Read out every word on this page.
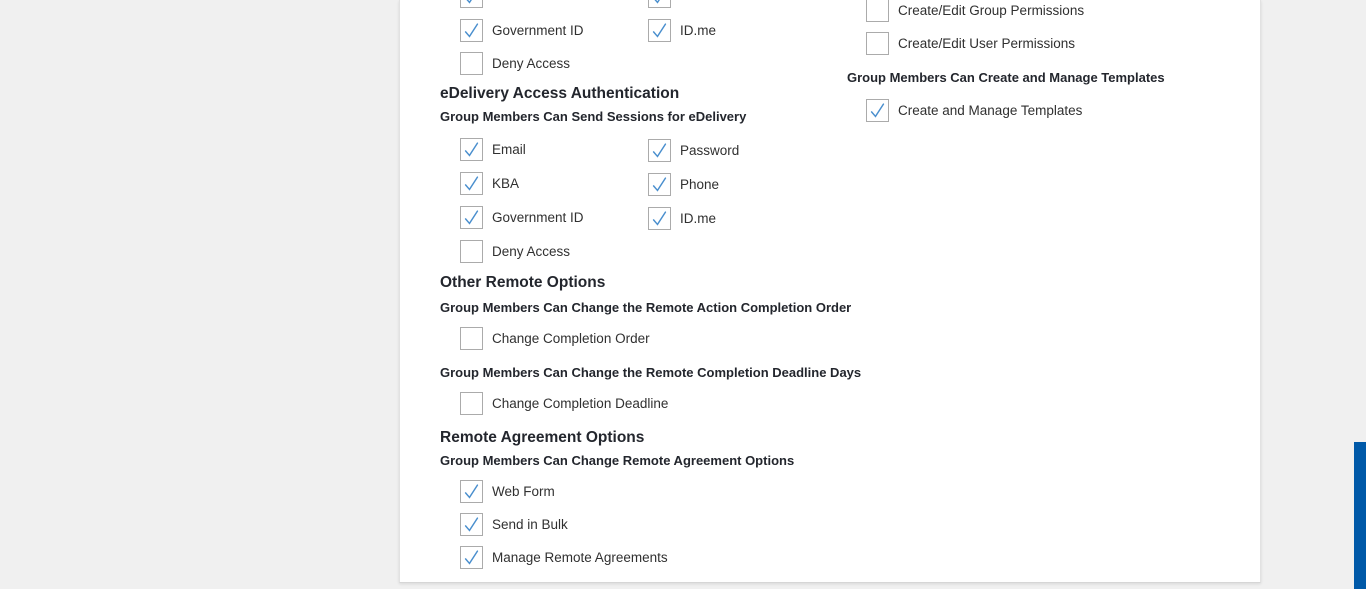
Government ID	ID.me
Deny Access
eDelivery Access Authentication
Group Members Can Send Sessions for eDelivery
Email	Password
KBA	Phone
Government ID	ID.me
Deny Access
Other Remote Options
Group Members Can Change the Remote Action Completion Order
Change Completion Order
Group Members Can Change the Remote Completion Deadline Days
Change Completion Deadline
Remote Agreement Options
Group Members Can Change Remote Agreement Options
Web Form
Send in Bulk
Manage Remote Agreements
Create/Edit Group Permissions
Create/Edit User Permissions
Group Members Can Create and Manage Templates
Create and Manage Templates
